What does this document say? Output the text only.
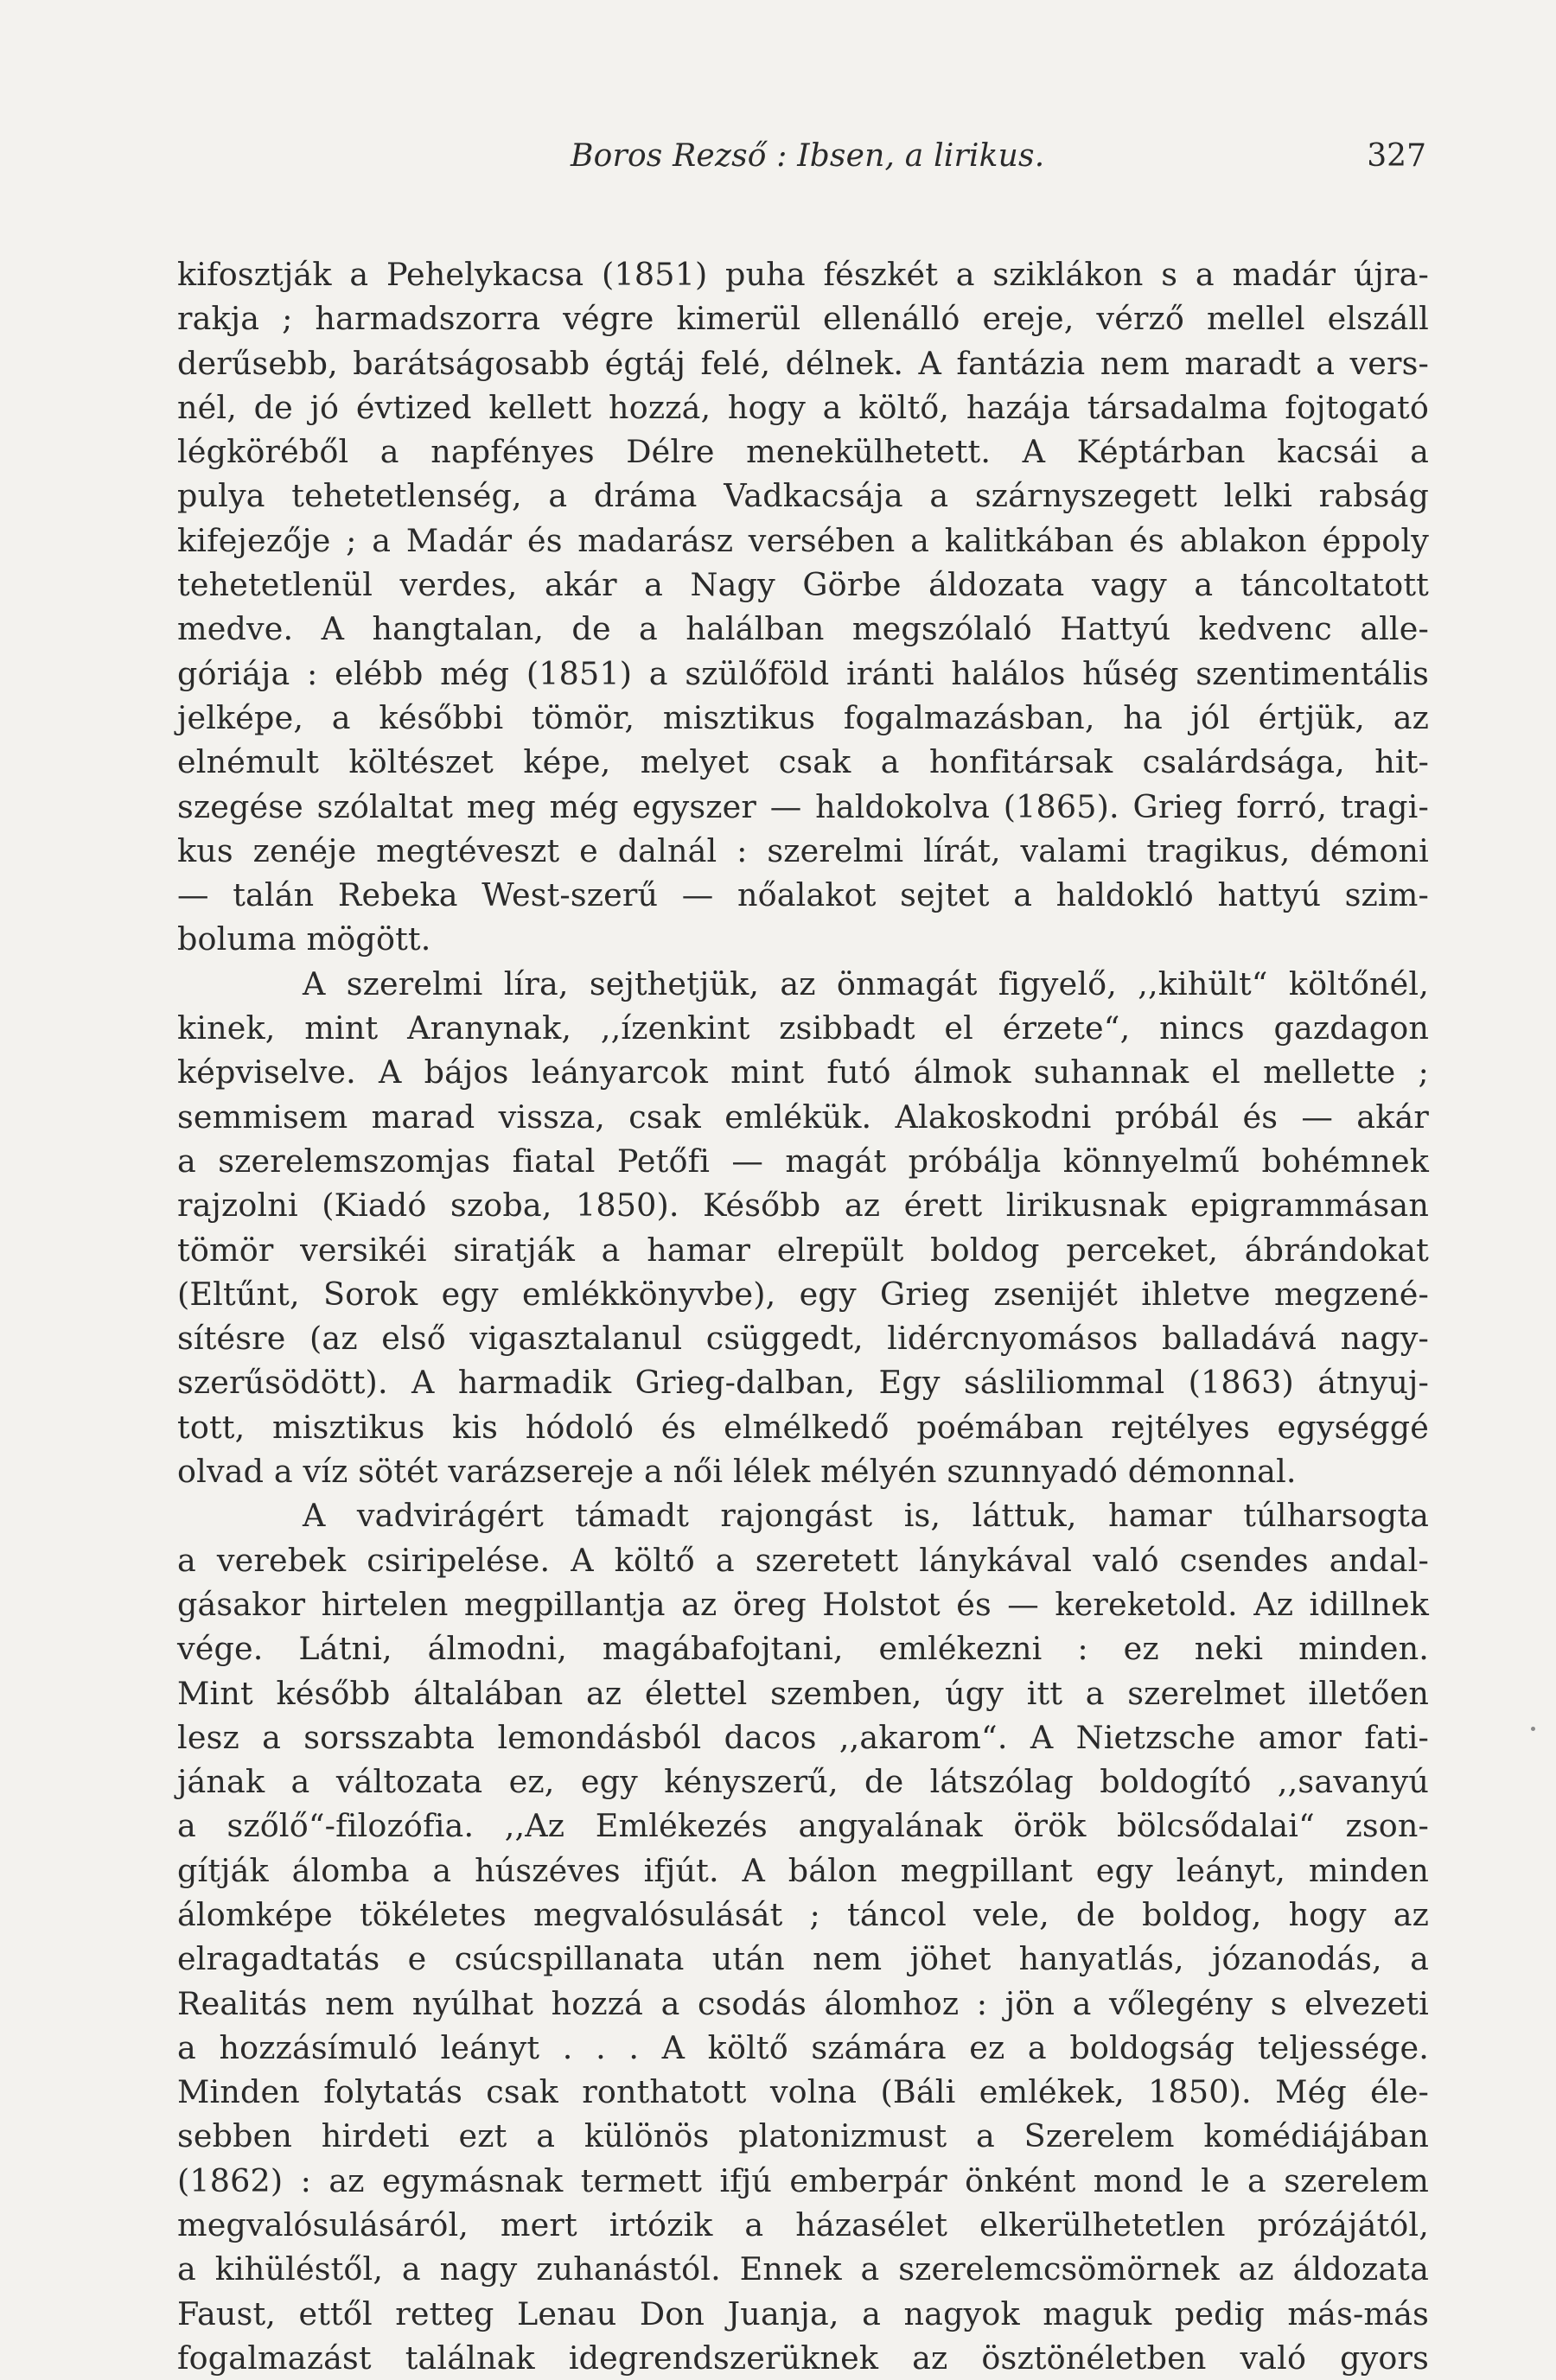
Boros Rezső : Ibsen, a lirikus.	327
kifosztják a Pehelykacsa (1851) puha fészkét a sziklákon s a madár újra-
rakja ; harmadszorra végre kimerül ellenálló ereje, vérző mellel elszáll
derűsebb, barátságosabb égtáj felé, délnek. A fantázia nem maradt a vers-
nél, de jó évtized kellett hozzá, hogy a költő, hazája társadalma fojtogató
légköréből a napfényes Délre menekülhetett. A Képtárban kacsái a
pulya tehetetlenség, a dráma Vadkacsája a szárnyszegett lelki rabság
kifejezője ; a Madár és madarász versében a kalitkában és ablakon éppoly
tehetetlenül verdes, akár a Nagy Görbe áldozata vagy a táncoltatott
medve. A hangtalan, de a halálban megszólaló Hattyú kedvenc alle-
góriája : elébb még (1851) a szülőföld iránti halálos hűség szentimentális
jelképe, a későbbi tömör, misztikus fogalmazásban, ha jól értjük, az
elnémult költészet képe, melyet csak a honfitársak csalárdsága, hit-
szegése szólaltat meg még egyszer — haldokolva (1865). Grieg forró, tragi-
kus zenéje megtéveszt e dalnál : szerelmi lírát, valami tragikus, démoni
— talán Rebeka West-szerű — nőalakot sejtet a haldokló hattyú szim-
boluma mögött.
A szerelmi líra, sejthetjük, az önmagát figyelő, ,,kihült“ költőnél,
kinek, mint Aranynak, ,,ízenkint zsibbadt el érzete“, nincs gazdagon
képviselve. A bájos leányarcok mint futó álmok suhannak el mellette ;
semmisem marad vissza, csak emlékük. Alakoskodni próbál és — akár
a szerelemszomjas fiatal Petőfi — magát próbálja könnyelmű bohémnek
rajzolni (Kiadó szoba, 1850). Később az érett lirikusnak epigrammásan
tömör versikéi siratják a hamar elrepült boldog perceket, ábrándokat
(Eltűnt, Sorok egy emlékkönyvbe), egy Grieg zsenijét ihletve megzené-
sítésre (az első vigasztalanul csüggedt, lidércnyomásos balladává nagy-
szerűsödött). A harmadik Grieg-dalban, Egy sásliliommal (1863) átnyuj-
tott, misztikus kis hódoló és elmélkedő poémában rejtélyes egységgé
olvad a víz sötét varázsereje a női lélek mélyén szunnyadó démonnal.
A vadvirágért támadt rajongást is, láttuk, hamar túlharsogta
a verebek csiripelése. A költő a szeretett lánykával való csendes andal-
gásakor hirtelen megpillantja az öreg Holstot és — kereketold. Az idillnek
vége. Látni, álmodni, magábafojtani, emlékezni : ez neki minden.
Mint később általában az élettel szemben, úgy itt a szerelmet illetően
lesz a sorsszabta lemondásból dacos ,,akarom“. A Nietzsche amor fati-
jának a változata ez, egy kényszerű, de látszólag boldogító ,,savanyú
a szőlő“-filozófia. ,,Az Emlékezés angyalának örök bölcsődalai“ zson-
gítják álomba a húszéves ifjút. A bálon megpillant egy leányt, minden
álomképe tökéletes megvalósulását ; táncol vele, de boldog, hogy az
elragadtatás e csúcspillanata után nem jöhet hanyatlás, józanodás, a
Realitás nem nyúlhat hozzá a csodás álomhoz : jön a vőlegény s elvezeti
a hozzásímuló leányt . . . A költő számára ez a boldogság teljessége.
Minden folytatás csak ronthatott volna (Báli emlékek, 1850). Még éle-
sebben hirdeti ezt a különös platonizmust a Szerelem komédiájában
(1862) : az egymásnak termett ifjú emberpár önként mond le a szerelem
megvalósulásáról, mert irtózik a házasélet elkerülhetetlen prózájától,
a kihüléstől, a nagy zuhanástól. Ennek a szerelemcsömörnek az áldozata
Faust, ettől retteg Lenau Don Juanja, a nagyok maguk pedig más-más
fogalmazást találnak idegrendszerüknek az ösztönéletben való gyors
